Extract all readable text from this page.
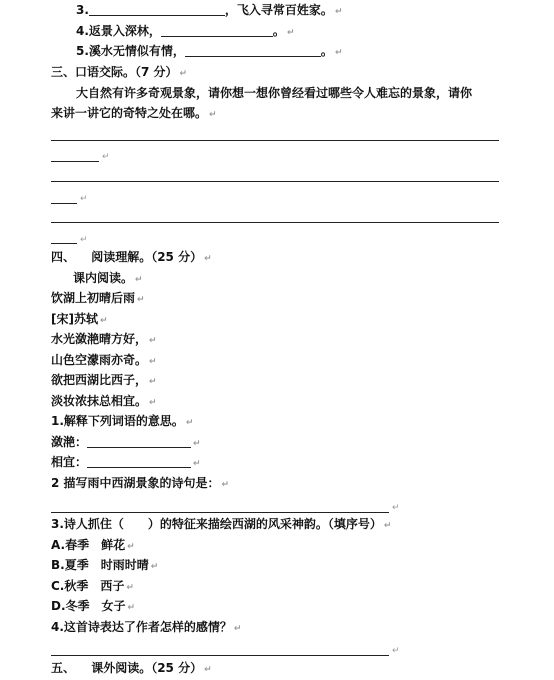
3.	，飞入寻常百姓家。 ↵
4.返景入深林，	。 ↵
5.溪水无情似有情，	。 ↵
三、口语交际。（7 分） ↵
大自然有许多奇观景象，请你想一想你曾经看过哪些令人难忘的景象，请你
来讲一讲它的奇特之处在哪。 ↵
↵
↵
↵
四、 阅读理解。（25 分） ↵
课内阅读。 ↵
饮湖上初晴后雨 ↵
[宋]苏轼 ↵
水光潋滟晴方好， ↵
山色空濛雨亦奇。 ↵
欲把西湖比西子， ↵
淡妆浓抹总相宜。 ↵
1.解释下列词语的意思。 ↵
潋滟：	↵
相宜：	↵
2 描写雨中西湖景象的诗句是： ↵
↵
3.诗人抓住（　　）的特征来描绘西湖的风采神韵。（填序号） ↵
A.春季　鲜花 ↵
B.夏季　时雨时晴 ↵
C.秋季　西子 ↵
D.冬季　女子 ↵
4.这首诗表达了作者怎样的感情？ ↵
↵
五、 课外阅读。（25 分） ↵
